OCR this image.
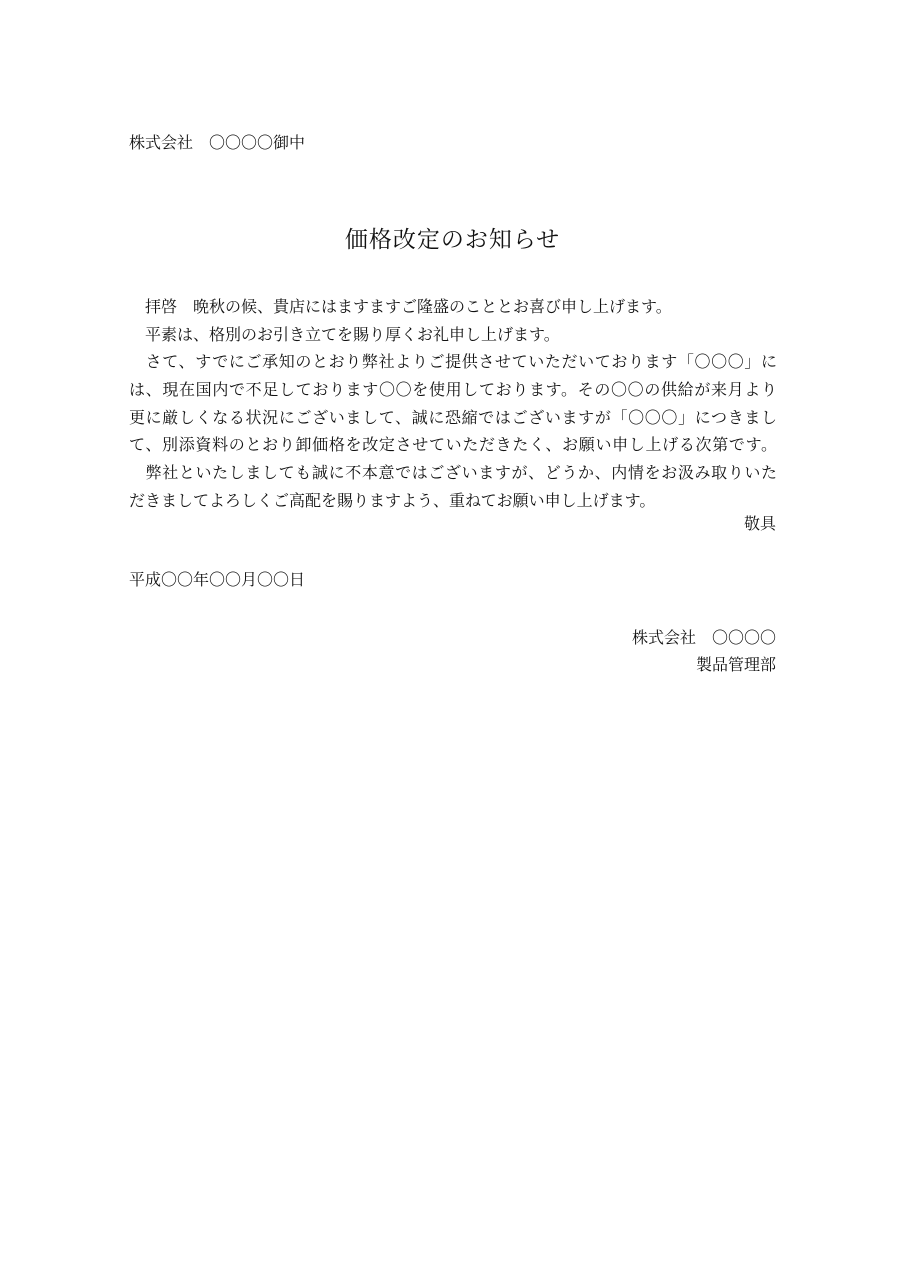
株式会社　〇〇〇〇御中
価格改定のお知らせ
　拝啓　晩秋の候、貴店にはますますご隆盛のこととお喜び申し上げます。
　平素は、格別のお引き立てを賜り厚くお礼申し上げます。
　さて、すでにご承知のとおり弊社よりご提供させていただいております「〇〇〇」に
は、現在国内で不足しております〇〇を使用しております。その〇〇の供給が来月より
更に厳しくなる状況にございまして、誠に恐縮ではございますが「〇〇〇」につきまし
て、別添資料のとおり卸価格を改定させていただきたく、お願い申し上げる次第です。
　弊社といたしましても誠に不本意ではございますが、どうか、内情をお汲み取りいた
だきましてよろしくご高配を賜りますよう、重ねてお願い申し上げます。
敬具
平成〇〇年〇〇月〇〇日
株式会社　〇〇〇〇
製品管理部
